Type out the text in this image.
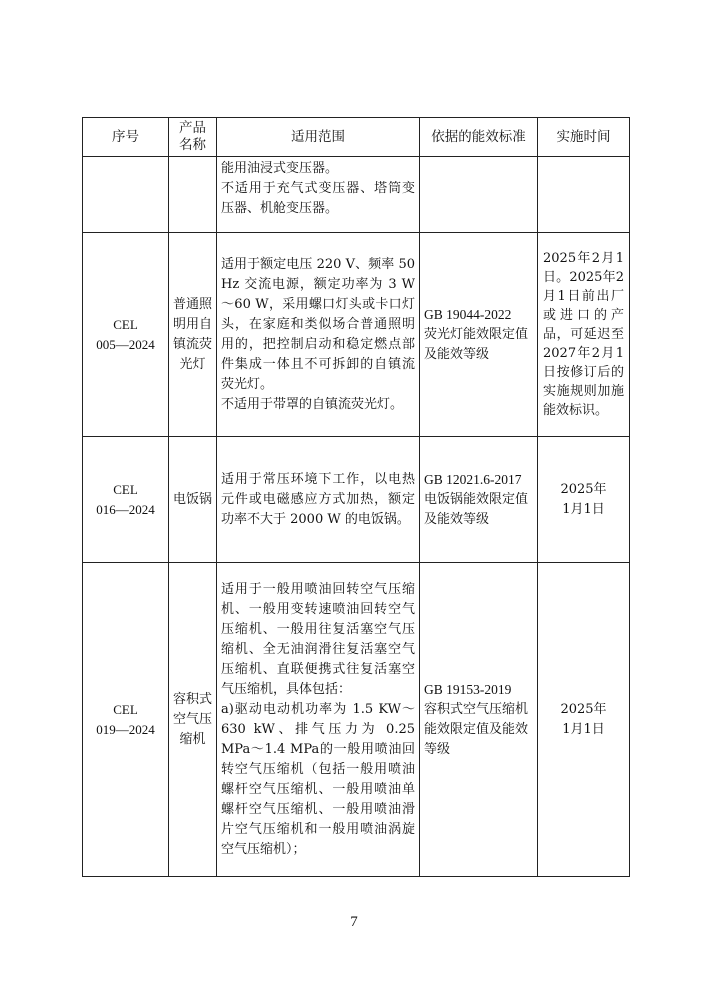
序号	产品名称	适用范围	依据的能效标准	实施时间

		能用油浸式变压器。
不适用于充气式变压器、塔筒变压器、机舱变压器。		

CEL
005—2024	普通照
明用自
镇流荧
光灯	适用于额定电压 220 V、频率 50 Hz 交流电源，额定功率为 3 W～60 W，采用螺口灯头或卡口灯头，在家庭和类似场合普通照明用的，把控制启动和稳定燃点部件集成一体且不可拆卸的自镇流荧光灯。
不适用于带罩的自镇流荧光灯。	GB 19044-2022
荧光灯能效限定值及能效等级	2025年2月1日。2025年2月1日前出厂或进口的产品，可延迟至2027年2月1日按修订后的实施规则加施能效标识。

CEL
016—2024	电饭锅	适用于常压环境下工作，以电热元件或电磁感应方式加热，额定功率不大于 2000 W 的电饭锅。	GB 12021.6-2017
电饭锅能效限定值及能效等级	2025年
1月1日

CEL
019—2024	容积式
空气压
缩机	适用于一般用喷油回转空气压缩机、一般用变转速喷油回转空气压缩机、一般用往复活塞空气压缩机、全无油润滑往复活塞空气压缩机、直联便携式往复活塞空气压缩机，具体包括：
a)驱动电动机功率为 1.5 KW～630 kW、排气压力为 0.25 MPa～1.4 MPa的一般用喷油回转空气压缩机（包括一般用喷油螺杆空气压缩机、一般用喷油单螺杆空气压缩机、一般用喷油滑片空气压缩机和一般用喷油涡旋空气压缩机）；	GB 19153-2019
容积式空气压缩机能效限定值及能效等级	2025年
1月1日
7
